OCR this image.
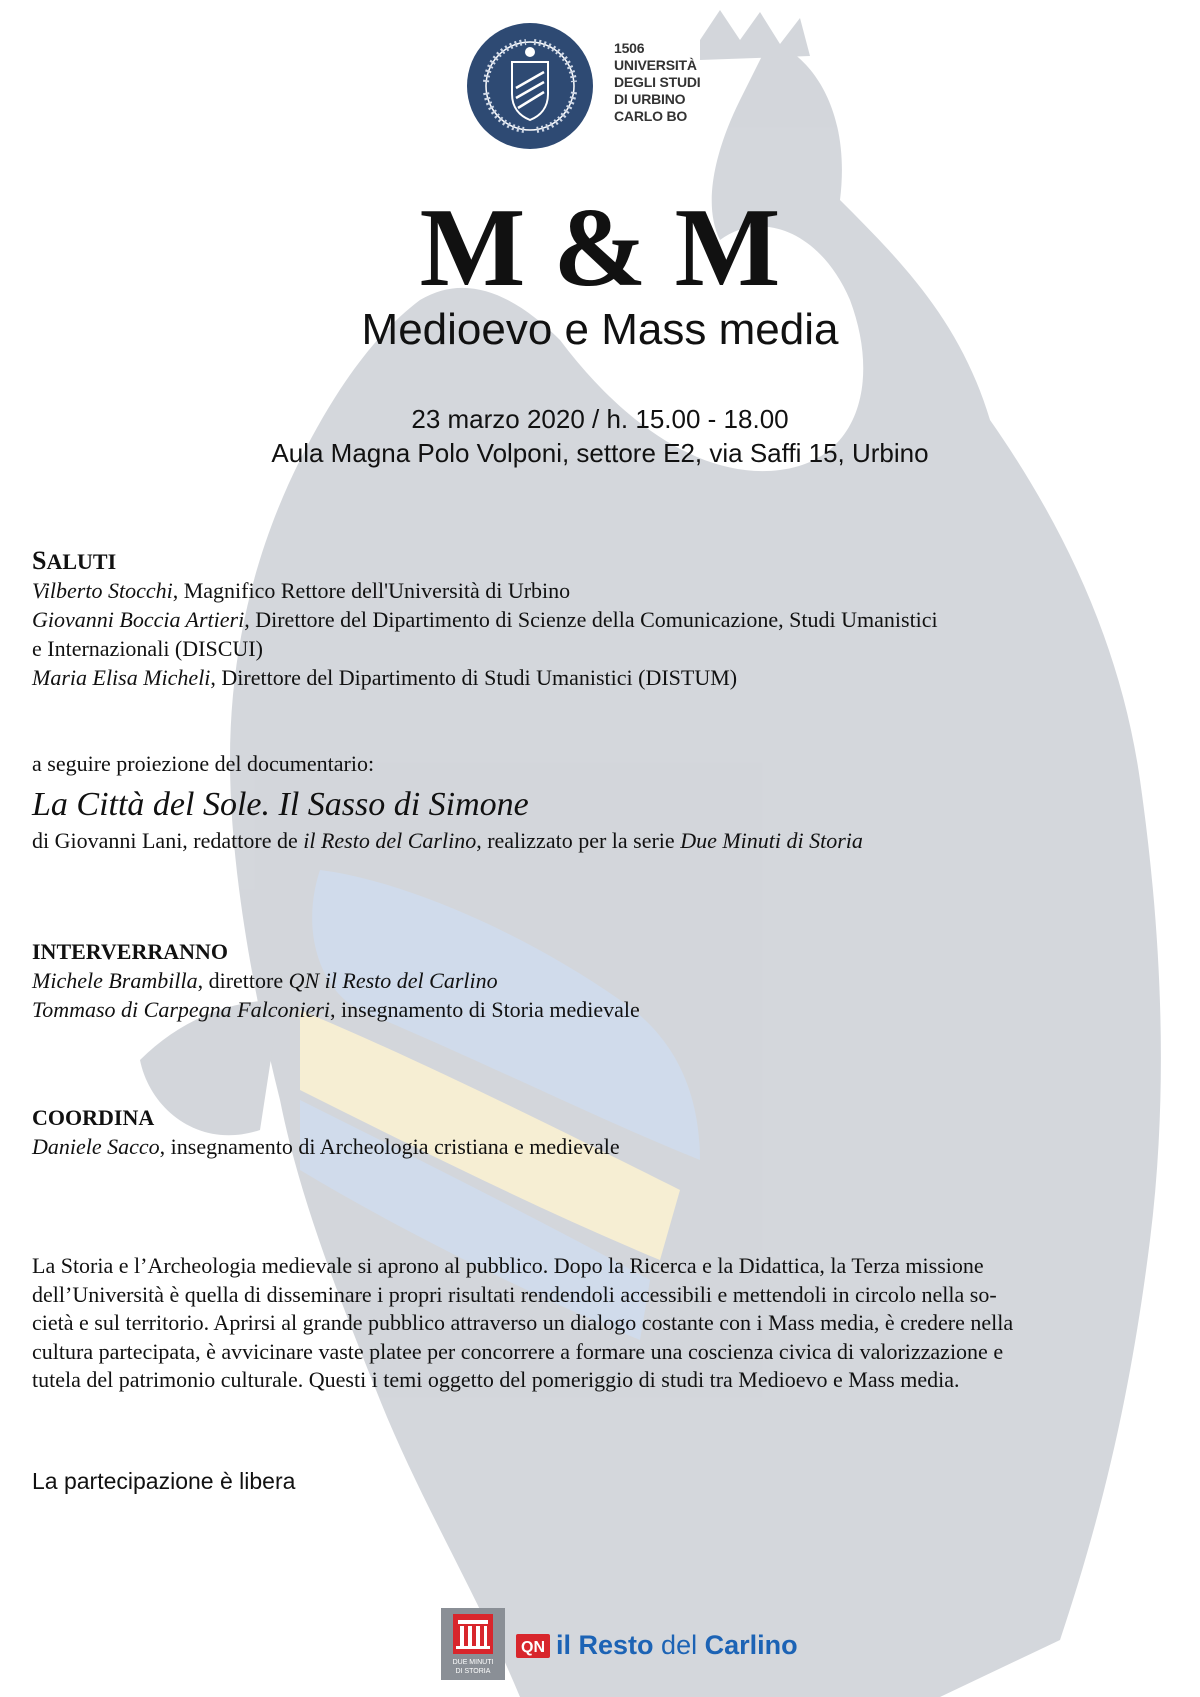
1506
UNIVERSITÀ
DEGLI STUDI
DI URBINO
CARLO BO
M & M
Medioevo e Mass media
23 marzo 2020 / h. 15.00 - 18.00
Aula Magna Polo Volponi, settore E2, via Saffi 15, Urbino
SALUTI
Vilberto Stocchi, Magnifico Rettore dell'Università di Urbino
Giovanni Boccia Artieri, Direttore del Dipartimento di Scienze della Comunicazione, Studi Umanistici
e Internazionali (DISCUI)
Maria Elisa Micheli, Direttore del Dipartimento di Studi Umanistici (DISTUM)
a seguire proiezione del documentario:
La Città del Sole. Il Sasso di Simone
di Giovanni Lani, redattore de il Resto del Carlino, realizzato per la serie Due Minuti di Storia
INTERVERRANNO
Michele Brambilla, direttore QN il Resto del Carlino
Tommaso di Carpegna Falconieri, insegnamento di Storia medievale
COORDINA
Daniele Sacco, insegnamento di Archeologia cristiana e medievale
La Storia e l’Archeologia medievale si aprono al pubblico. Dopo la Ricerca e la Didattica, la Terza missione
dell’Università è quella di disseminare i propri risultati rendendoli accessibili e mettendoli in circolo nella so-
cietà e sul territorio. Aprirsi al grande pubblico attraverso un dialogo costante con i Mass media, è credere nella
cultura partecipata, è avvicinare vaste platee per concorrere a formare una coscienza civica di valorizzazione e
tutela del patrimonio culturale. Questi i temi oggetto del pomeriggio di studi tra Medioevo e Mass media.
La partecipazione è libera
DUE MINUTI
DI STORIA
QN il Resto del Carlino
